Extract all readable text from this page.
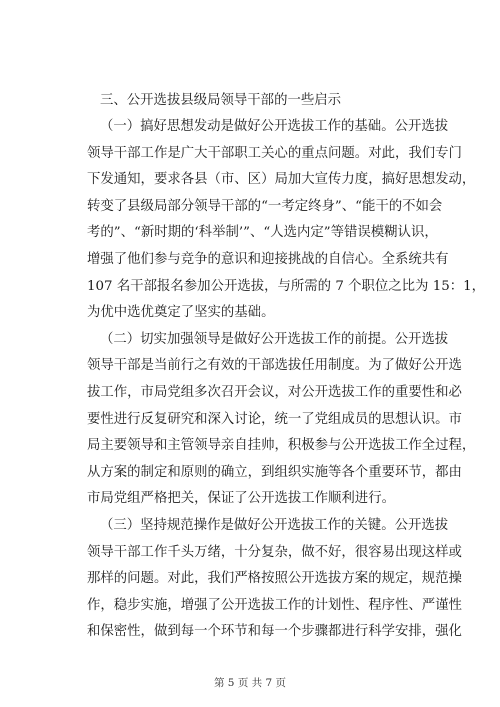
三、公开选拔县级局领导干部的一些启示

（一）搞好思想发动是做好公开选拔工作的基础。公开选拔
领导干部工作是广大干部职工关心的重点问题。对此，我们专门
下发通知，要求各县（市、区）局加大宣传力度，搞好思想发动，
转变了县级局部分领导干部的“一考定终身”、“能干的不如会
考的”、“新时期的‘科举制’”、“人选内定”等错误模糊认识，
增强了他们参与竞争的意识和迎接挑战的自信心。全系统共有
107 名干部报名参加公开选拔，与所需的 7 个职位之比为 15：1，
为优中选优奠定了坚实的基础。
（二）切实加强领导是做好公开选拔工作的前提。公开选拔
领导干部是当前行之有效的干部选拔任用制度。为了做好公开选
拔工作，市局党组多次召开会议，对公开选拔工作的重要性和必
要性进行反复研究和深入讨论，统一了党组成员的思想认识。市
局主要领导和主管领导亲自挂帅，积极参与公开选拔工作全过程，
从方案的制定和原则的确立，到组织实施等各个重要环节，都由
市局党组严格把关，保证了公开选拔工作顺利进行。
（三）坚持规范操作是做好公开选拔工作的关键。公开选拔
领导干部工作千头万绪，十分复杂，做不好，很容易出现这样或
那样的问题。对此，我们严格按照公开选拔方案的规定，规范操
作，稳步实施，增强了公开选拔工作的计划性、程序性、严谨性
和保密性，做到每一个环节和每一个步骤都进行科学安排，强化
第 5 页 共 7 页
